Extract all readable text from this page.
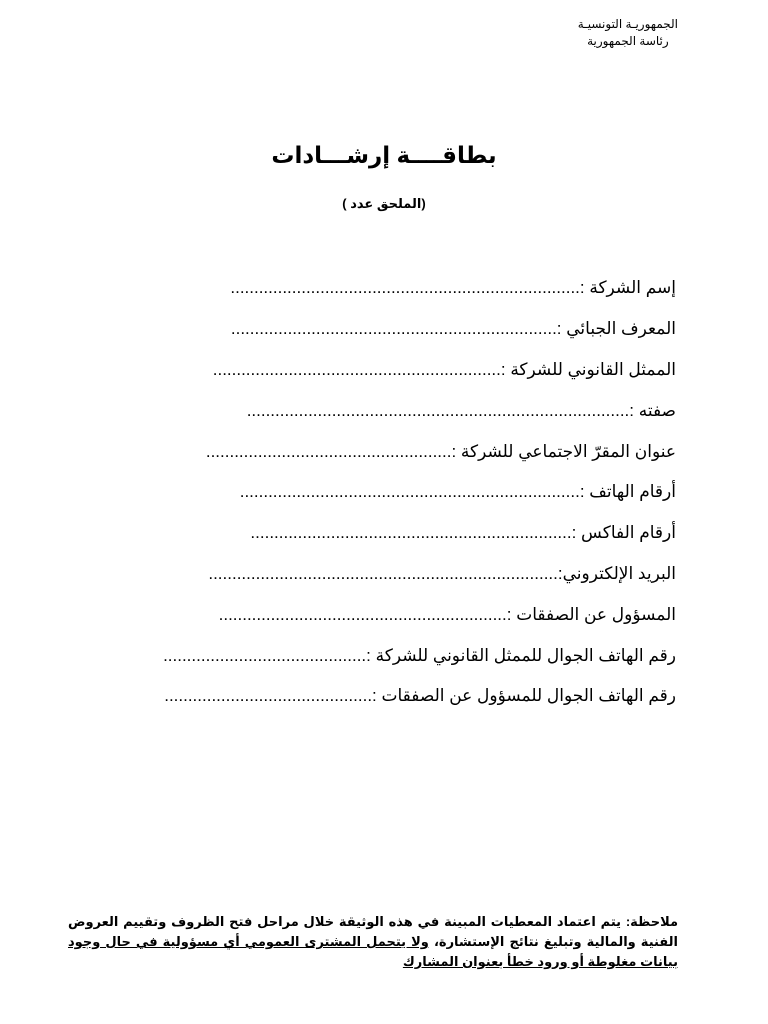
الجمهوريـة التونسيـة
رئاسة الجمهورية
بطاقــــة إرشـــادات
(الملحق عدد )
إسم الشركة :
..........................................................................
المعرف الجبائي :
.....................................................................
الممثل القانوني للشركة :
.............................................................
صفته :
.................................................................................
عنوان المقرّ الاجتماعي للشركة :
....................................................
أرقام الهاتف :
........................................................................
أرقام الفاكس :
....................................................................
البريد الإلكتروني:
..........................................................................
المسؤول عن الصفقات :
.............................................................
رقم الهاتف الجوال للممثل القانوني للشركة :
...........................................
رقم الهاتف الجوال للمسؤول عن الصفقات :
............................................
ملاحظة: يتم اعتماد المعطيات المبينة في هذه الوثيقة خلال مراحل فتح الظروف وتقييم العروض الفنية والمالية وتبليغ نتائج الإستشارة، ولا يتحمل المشترى العمومي أي مسؤولية في حال وجود بيانات مغلوطة أو ورود خطأ بعنوان المشارك
